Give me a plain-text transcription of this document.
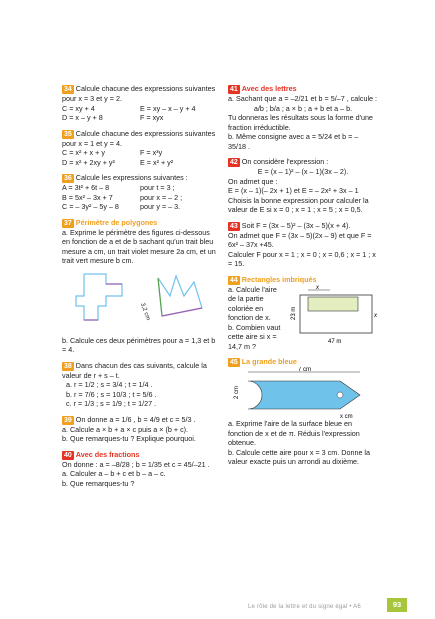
34 Calcule chacune des expressions suivantes pour x = 3 et y = 2.
C = xy + 4	E = xy – x – y + 4
D = x – y + 8	F = xyx
35 Calcule chacune des expressions suivantes pour x = 1 et y = 4.
C = x² + x + y	F = x³y
D = x² + 2xy + y²	E = x² + y²
36 Calcule les expressions suivantes :
A = 3t² + 6t – 8	pour t = 3 ;
B = 5x² – 3x + 7	pour x = – 2 ;
C = – 3y² – 5y – 8	pour y = – 3.
37 Périmètre de polygones
a. Exprime le périmètre des figures ci-dessous en fonction de a et de b sachant qu'un trait bleu mesure a cm, un trait violet mesure 2a cm, et un trait vert mesure b cm.
3,2 cm
b. Calcule ces deux périmètres pour a = 1,3 et b = 4.
38 Dans chacun des cas suivants, calcule la valeur de r + s – t.
a. r = 1/2 ; s = 3/4 ; t = 1/4 .
b. r = 7/6 ; s = 10/3 ; t = 5/6 .
c. r = 1/3 ; s = 1/9 ; t = 1/27 .
39 On donne a = 1/6 , b = 4/9 et c = 5/3 .
a. Calcule a × b + a × c puis a × (b + c).
b. Que remarques-tu ? Explique pourquoi.
40 Avec des fractions
On donne : a = –8/28 ; b = 1/35 et c = 45/–21 .
a. Calculer a – b + c et b – a – c.
b. Que remarques-tu ?
41 Avec des lettres
a. Sachant que a = –2/21 et b = 5/–7 , calcule :
a/b ; b/a ; a × b ; a + b et a – b.
Tu donneras les résultats sous la forme d'une fraction irréductible.
b. Même consigne avec a = 5/24 et b = – 35/18 .
42 On considère l'expression :
E = (x – 1)² – (x – 1)(3x – 2).
On admet que :
E = (x – 1)(– 2x + 1) et E = – 2x² + 3x – 1
Choisis la bonne expression pour calculer la valeur de E si x = 0 ; x = 1 ; x = 5 ; x = 0,5.
43 Soit F = (3x – 5)² – (3x – 5)(x + 4).
On admet que F = (3x – 5)(2x – 9) et que F = 6x² – 37x +45.
Calculer F pour x = 1 ; x = 0 ; x = 0,6 ; x = 1 ; x = 15.
44 Rectangles imbriqués
a. Calcule l'aire de la partie coloriée en fonction de x.
b. Combien vaut cette aire si x = 14,7 m ?
x
23 m
47 m
x
45 La grande bleue
7 cm
2 cm
x cm
a. Exprime l'aire de la surface bleue en fonction de x et de π. Réduis l'expression obtenue.
b. Calcule cette aire pour x = 3 cm. Donne la valeur exacte puis un arrondi au dixième.
Le rôle de la lettre et du signe égal • A6	93
